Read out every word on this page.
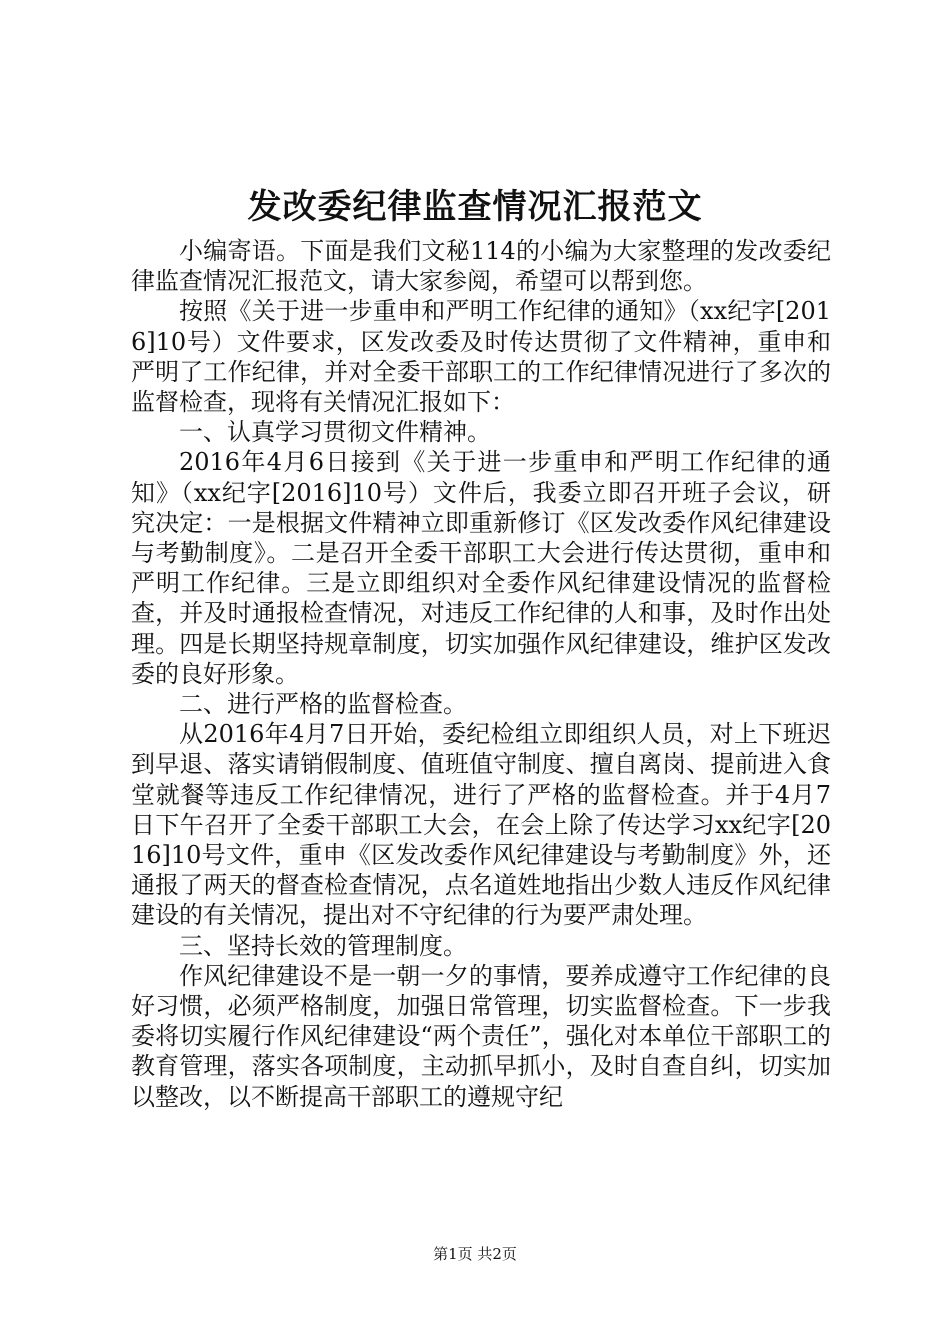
发改委纪律监查情况汇报范文

小编寄语。下面是我们文秘114的小编为大家整理的发改委纪律监查情况汇报范文，请大家参阅，希望可以帮到您。

按照《关于进一步重申和严明工作纪律的通知》（xx纪字[2016]10号）文件要求，区发改委及时传达贯彻了文件精神，重申和严明了工作纪律，并对全委干部职工的工作纪律情况进行了多次的监督检查，现将有关情况汇报如下：

一、认真学习贯彻文件精神。

2016年4月6日接到《关于进一步重申和严明工作纪律的通知》（xx纪字[2016]10号）文件后，我委立即召开班子会议，研究决定：一是根据文件精神立即重新修订《区发改委作风纪律建设与考勤制度》。二是召开全委干部职工大会进行传达贯彻，重申和严明工作纪律。三是立即组织对全委作风纪律建设情况的监督检查，并及时通报检查情况，对违反工作纪律的人和事，及时作出处理。四是长期坚持规章制度，切实加强作风纪律建设，维护区发改委的良好形象。

二、进行严格的监督检查。

从2016年4月7日开始，委纪检组立即组织人员，对上下班迟到早退、落实请销假制度、值班值守制度、擅自离岗、提前进入食堂就餐等违反工作纪律情况，进行了严格的监督检查。并于4月7日下午召开了全委干部职工大会，在会上除了传达学习xx纪字[2016]10号文件，重申《区发改委作风纪律建设与考勤制度》外，还通报了两天的督查检查情况，点名道姓地指出少数人违反作风纪律建设的有关情况，提出对不守纪律的行为要严肃处理。

三、坚持长效的管理制度。

作风纪律建设不是一朝一夕的事情，要养成遵守工作纪律的良好习惯，必须严格制度，加强日常管理，切实监督检查。下一步我委将切实履行作风纪律建设“两个责任”，强化对本单位干部职工的教育管理，落实各项制度，主动抓早抓小，及时自查自纠，切实加以整改，以不断提高干部职工的遵规守纪

第1页 共2页
